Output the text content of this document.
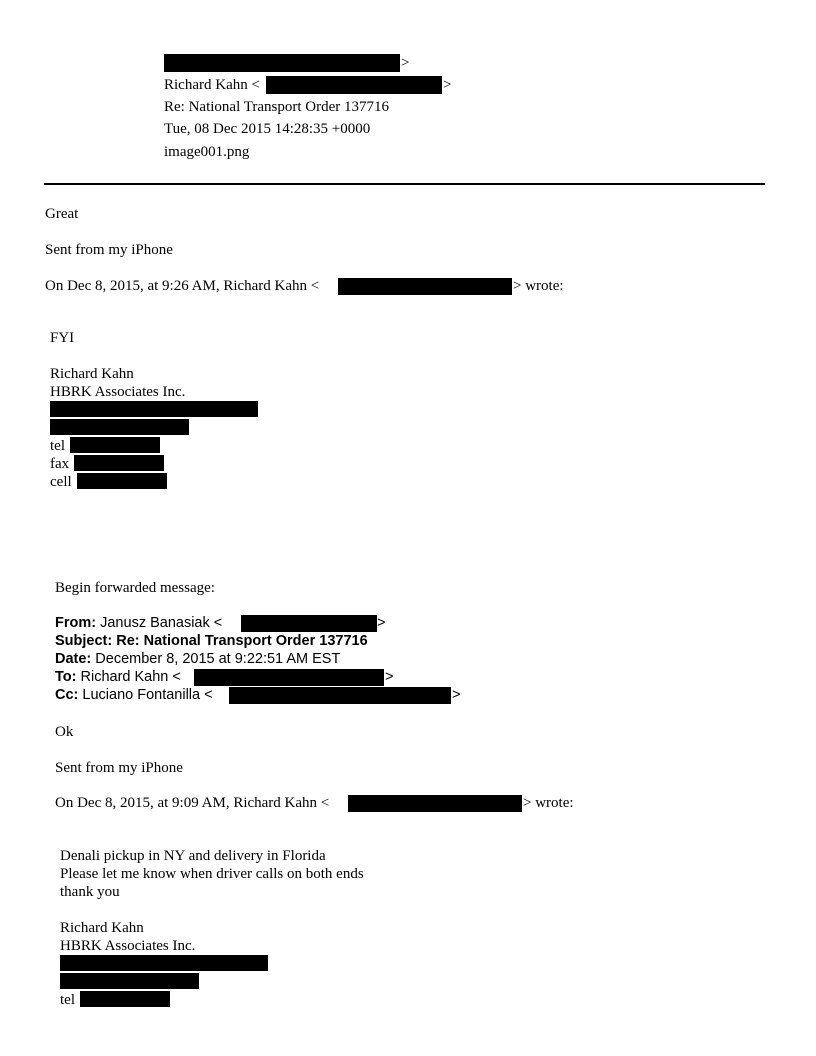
>
Richard Kahn <	>
Re: National Transport Order 137716
Tue, 08 Dec 2015 14:28:35 +0000
image001.png
Great
Sent from my iPhone
On Dec 8, 2015, at 9:26 AM, Richard Kahn <	> wrote:
FYI
Richard Kahn
HBRK Associates Inc.
tel
fax
cell
Begin forwarded message:
From: Janusz Banasiak <	>
Subject: Re: National Transport Order 137716
Date: December 8, 2015 at 9:22:51 AM EST
To: Richard Kahn <	>
Cc: Luciano Fontanilla <	>
Ok
Sent from my iPhone
On Dec 8, 2015, at 9:09 AM, Richard Kahn <	> wrote:
Denali pickup in NY and delivery in Florida
Please let me know when driver calls on both ends
thank you
Richard Kahn
HBRK Associates Inc.
tel
